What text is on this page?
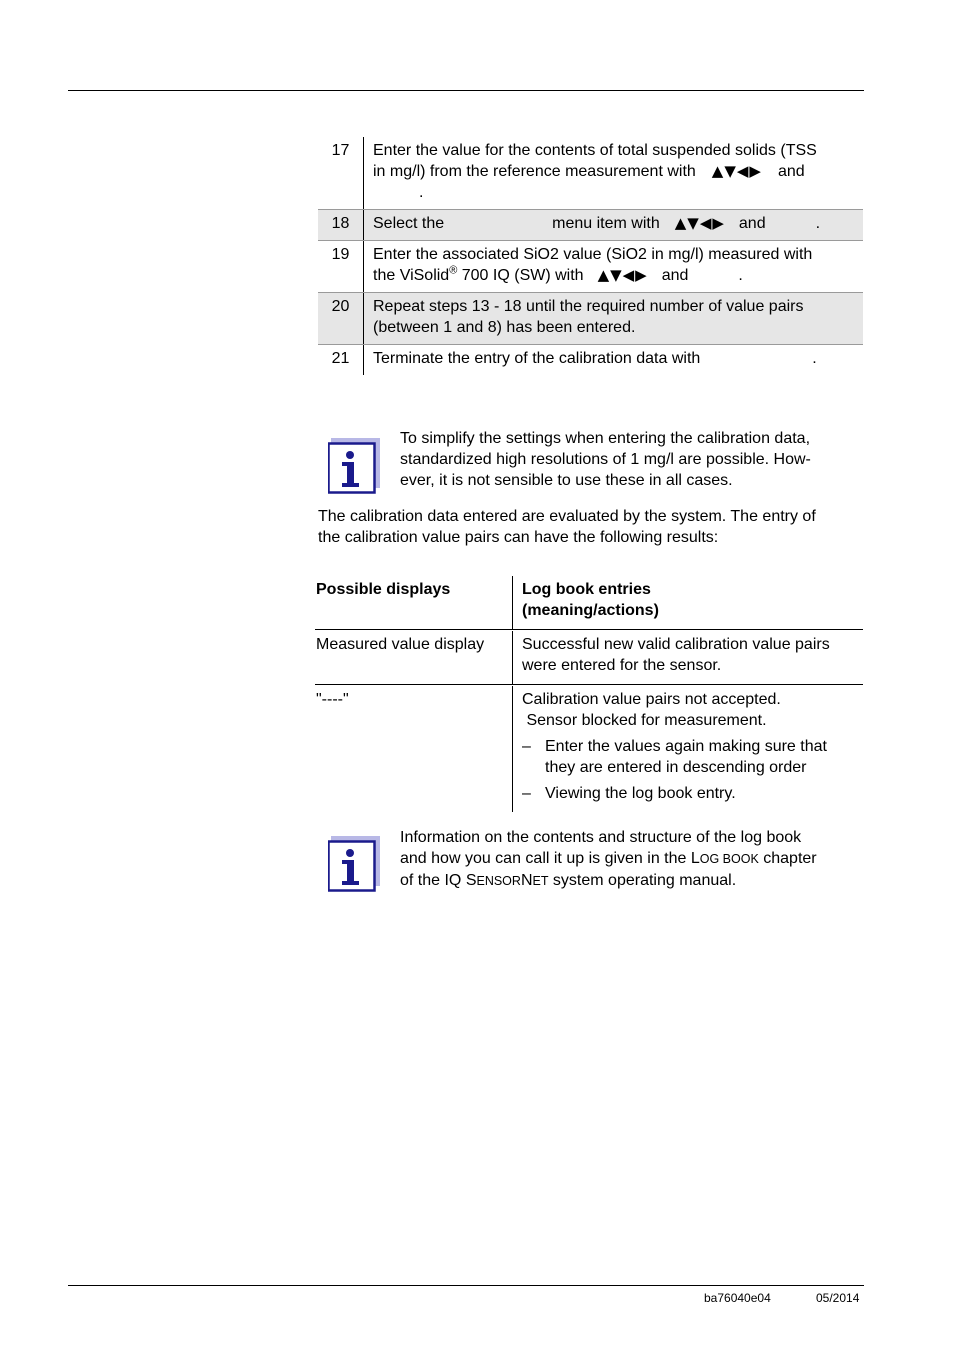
17	Enter the value for the contents of total suspended solids (TSS
in mg/l) from the reference measurement with ▲▼◀▶ and
.
18	Select the	menu item with ▲▼◀▶ and	.
19	Enter the associated SiO2 value (SiO2 in mg/l) measured with
the ViSolid® 700 IQ (SW) with ▲▼◀▶ and	.
20	Repeat steps 13 - 18 until the required number of value pairs
(between 1 and 8) has been entered.
21	Terminate the entry of the calibration data with	.
To simplify the settings when entering the calibration data,
standardized high resolutions of 1 mg/l are possible. How-
ever, it is not sensible to use these in all cases.
The calibration data entered are evaluated by the system. The entry of
the calibration value pairs can have the following results:
Possible displays	Log book entries
(meaning/actions)
Measured value display	Successful new valid calibration value pairs
were entered for the sensor.
"----"	Calibration value pairs not accepted.
Sensor blocked for measurement.
– Enter the values again making sure that
they are entered in descending order
– Viewing the log book entry.
Information on the contents and structure of the log book
and how you can call it up is given in the LOG BOOK chapter
of the IQ SENSORNET system operating manual.
ba76040e04	05/2014
